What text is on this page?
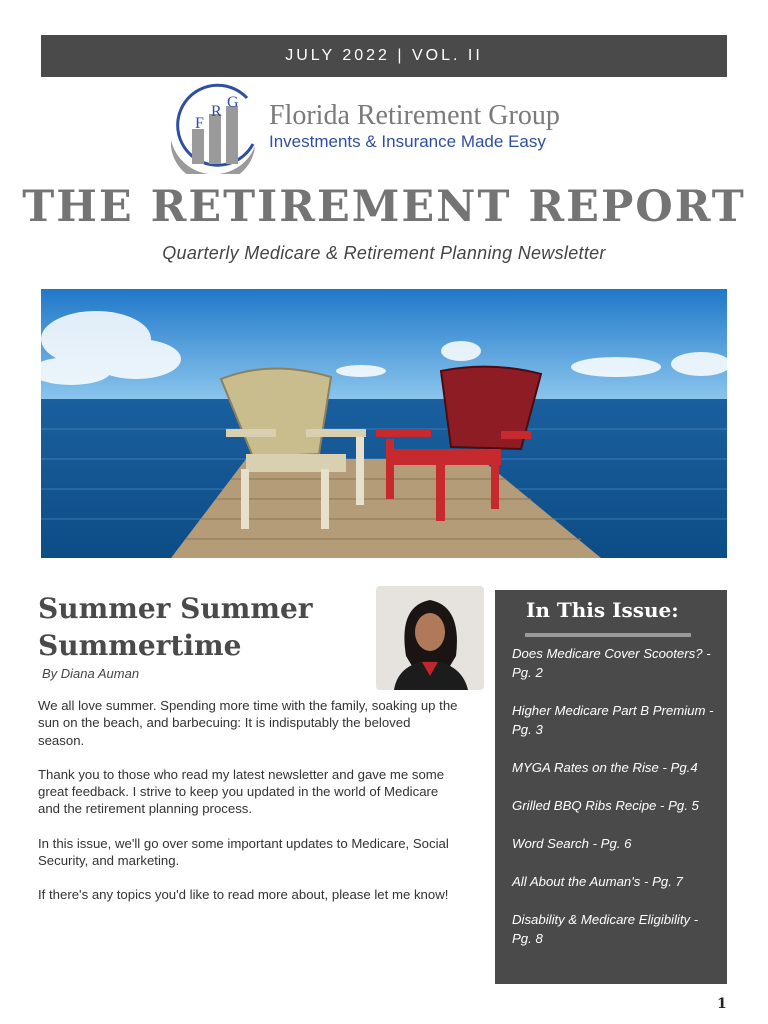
JULY 2022 | VOL. II
F
R
G Florida Retirement Group
Investments & Insurance Made Easy
THE RETIREMENT REPORT
Quarterly Medicare & Retirement Planning Newsletter
Summer Summer Summertime
By Diana Auman

We all love summer. Spending more time with the family, soaking up the sun on the beach, and barbecuing: It is indisputably the beloved season.

Thank you to those who read my latest newsletter and gave me some great feedback. I strive to keep you updated in the world of Medicare and the retirement planning process.

In this issue, we'll go over some important updates to Medicare, Social Security, and marketing.

If there's any topics you'd like to read more about, please let me know!

In This Issue:
Does Medicare Cover Scooters? - Pg. 2
Higher Medicare Part B Premium - Pg. 3
MYGA Rates on the Rise - Pg.4
Grilled BBQ Ribs Recipe - Pg. 5
Word Search - Pg. 6
All About the Auman's - Pg. 7
Disability & Medicare Eligibility - Pg. 8
1
